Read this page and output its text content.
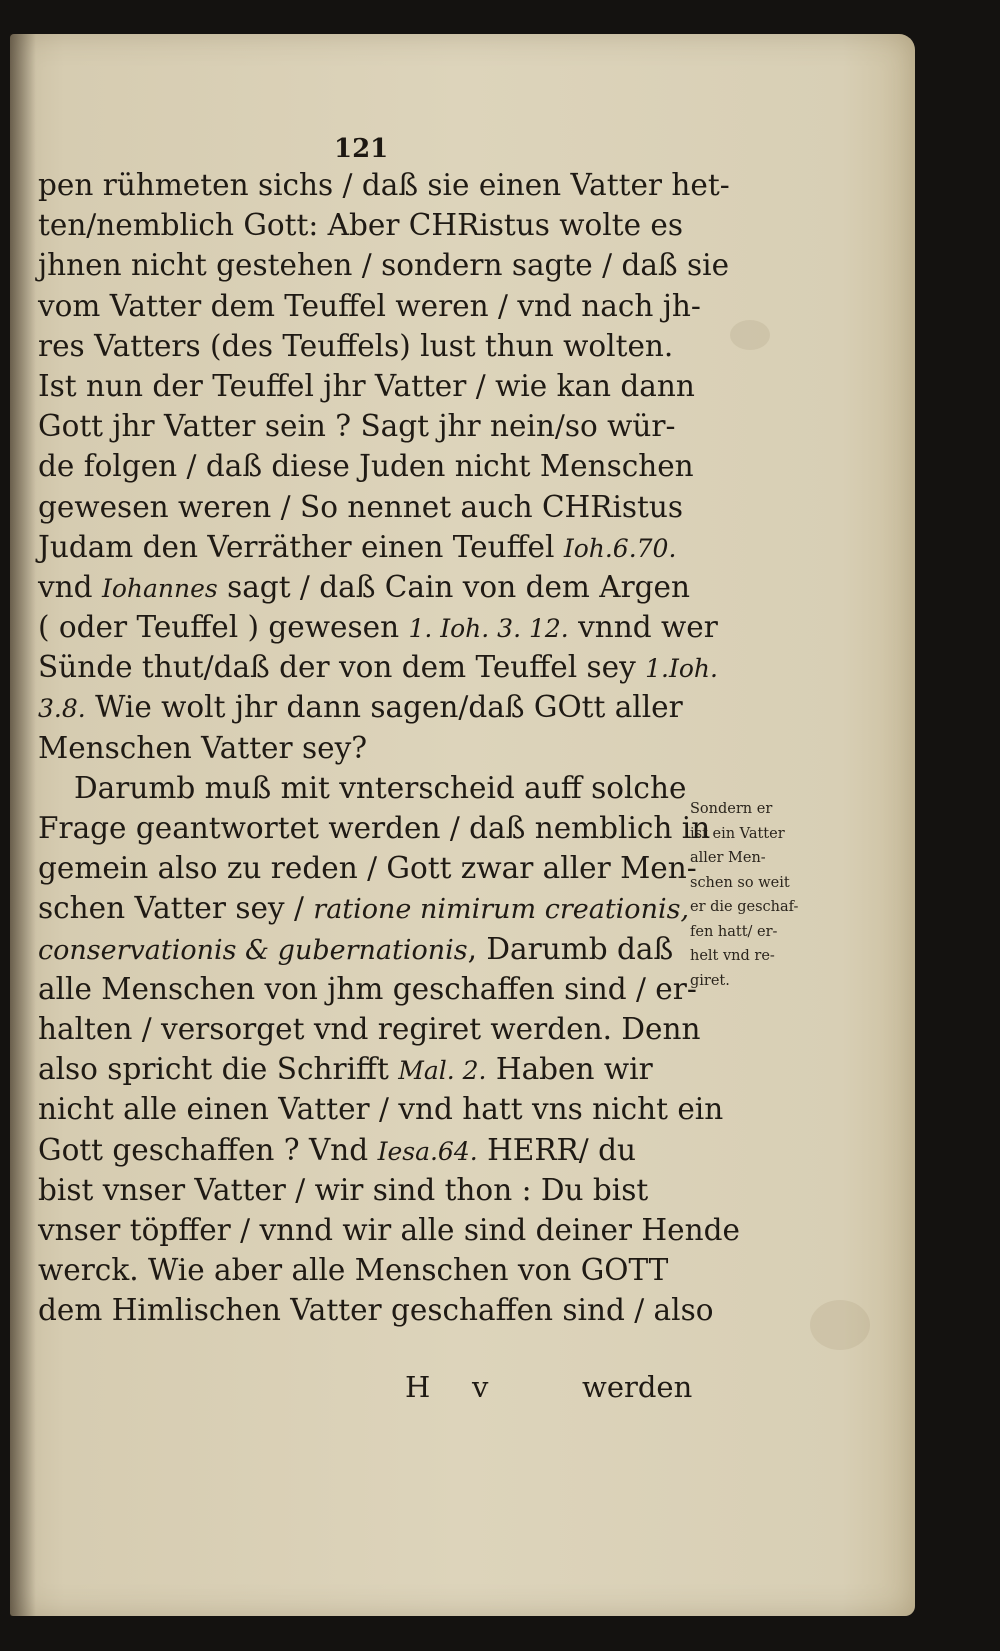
121
pen rühmeten sichs / daß sie einen Vatter het-
ten/nemblich Gott: Aber CHRistus wolte es
jhnen nicht gestehen / sondern sagte / daß sie
vom Vatter dem Teuffel weren / vnd nach jh-
res Vatters (des Teuffels) lust thun wolten.
Ist nun der Teuffel jhr Vatter / wie kan dann
Gott jhr Vatter sein ? Sagt jhr nein/so wür-
de folgen / daß diese Juden nicht Menschen
gewesen weren / So nennet auch CHRistus
Judam den Verräther einen Teuffel Ioh.6.70.
vnd Iohannes sagt / daß Cain von dem Argen
( oder Teuffel ) gewesen 1. Ioh. 3. 12. vnnd wer
Sünde thut/daß der von dem Teuffel sey 1.Ioh.
3.8. Wie wolt jhr dann sagen/daß GOtt aller
Menschen Vatter sey?
Darumb muß mit vnterscheid auff solche
Frage geantwortet werden / daß nemblich in
gemein also zu reden / Gott zwar aller Men-
schen Vatter sey / ratione nimirum creationis,
conservationis & gubernationis, Darumb daß
alle Menschen von jhm geschaffen sind / er-
halten / versorget vnd regiret werden. Denn
also spricht die Schrifft Mal. 2. Haben wir
nicht alle einen Vatter / vnd hatt vns nicht ein
Gott geschaffen ? Vnd Iesa.64. HERR/ du
bist vnser Vatter / wir sind thon : Du bist
vnser töpffer / vnnd wir alle sind deiner Hende
werck. Wie aber alle Menschen von GOTT
dem Himlischen Vatter geschaffen sind / also
Sondern er
ist ein Vatter
aller Men-
schen so weit
er die geschaf-
fen hatt/ er-
helt vnd re-
giret.
H v	werden
